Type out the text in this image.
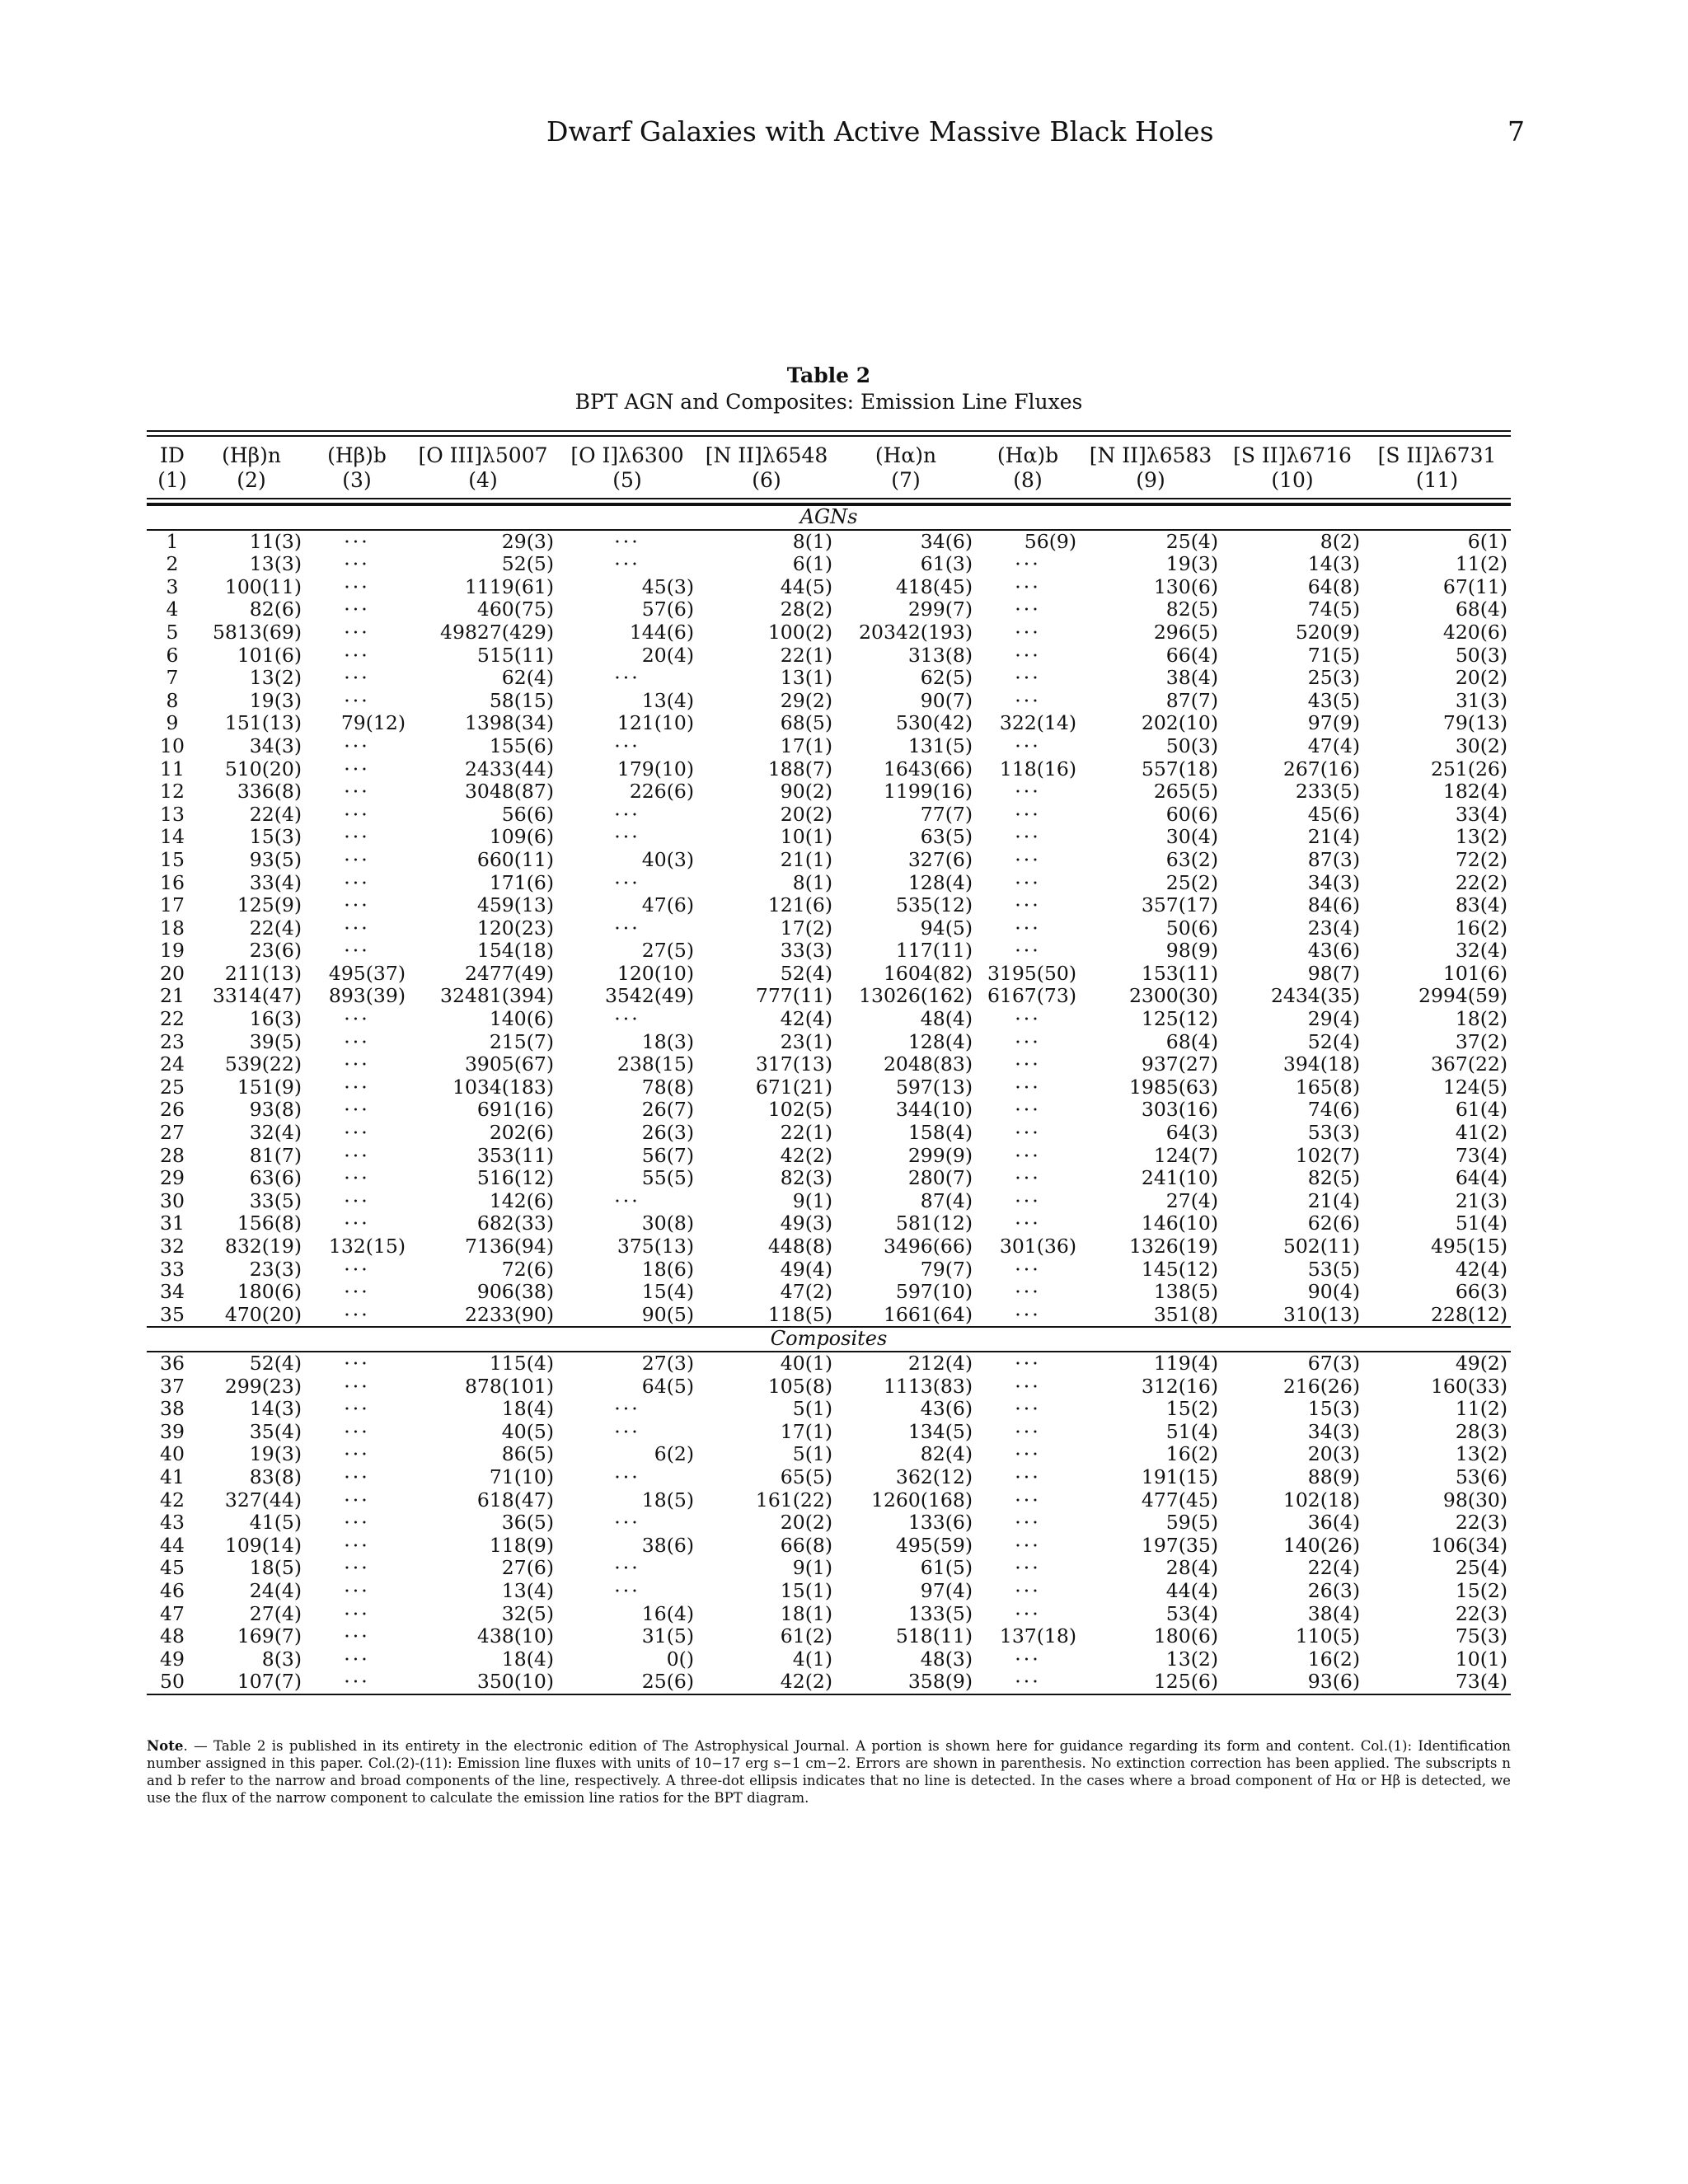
Dwarf Galaxies with Active Massive Black Holes	7
Table 2
BPT AGN and Composites: Emission Line Fluxes
ID	(Hβ)n	(Hβ)b	[O III]λ5007	[O I]λ6300	[N II]λ6548	(Hα)n	(Hα)b	[N II]λ6583	[S II]λ6716	[S II]λ6731
(1)	(2)	(3)	(4)	(5)	(6)	(7)	(8)	(9)	(10)	(11)
AGNs										
1	11(3)	···	29(3)	···	8(1)	34(6)	56(9)	25(4)	8(2)	6(1)
2	13(3)	···	52(5)	···	6(1)	61(3)	···	19(3)	14(3)	11(2)
3	100(11)	···	1119(61)	45(3)	44(5)	418(45)	···	130(6)	64(8)	67(11)
4	82(6)	···	460(75)	57(6)	28(2)	299(7)	···	82(5)	74(5)	68(4)
5	5813(69)	···	49827(429)	144(6)	100(2)	20342(193)	···	296(5)	520(9)	420(6)
6	101(6)	···	515(11)	20(4)	22(1)	313(8)	···	66(4)	71(5)	50(3)
7	13(2)	···	62(4)	···	13(1)	62(5)	···	38(4)	25(3)	20(2)
8	19(3)	···	58(15)	13(4)	29(2)	90(7)	···	87(7)	43(5)	31(3)
9	151(13)	79(12)	1398(34)	121(10)	68(5)	530(42)	322(14)	202(10)	97(9)	79(13)
10	34(3)	···	155(6)	···	17(1)	131(5)	···	50(3)	47(4)	30(2)
11	510(20)	···	2433(44)	179(10)	188(7)	1643(66)	118(16)	557(18)	267(16)	251(26)
12	336(8)	···	3048(87)	226(6)	90(2)	1199(16)	···	265(5)	233(5)	182(4)
13	22(4)	···	56(6)	···	20(2)	77(7)	···	60(6)	45(6)	33(4)
14	15(3)	···	109(6)	···	10(1)	63(5)	···	30(4)	21(4)	13(2)
15	93(5)	···	660(11)	40(3)	21(1)	327(6)	···	63(2)	87(3)	72(2)
16	33(4)	···	171(6)	···	8(1)	128(4)	···	25(2)	34(3)	22(2)
17	125(9)	···	459(13)	47(6)	121(6)	535(12)	···	357(17)	84(6)	83(4)
18	22(4)	···	120(23)	···	17(2)	94(5)	···	50(6)	23(4)	16(2)
19	23(6)	···	154(18)	27(5)	33(3)	117(11)	···	98(9)	43(6)	32(4)
20	211(13)	495(37)	2477(49)	120(10)	52(4)	1604(82)	3195(50)	153(11)	98(7)	101(6)
21	3314(47)	893(39)	32481(394)	3542(49)	777(11)	13026(162)	6167(73)	2300(30)	2434(35)	2994(59)
22	16(3)	···	140(6)	···	42(4)	48(4)	···	125(12)	29(4)	18(2)
23	39(5)	···	215(7)	18(3)	23(1)	128(4)	···	68(4)	52(4)	37(2)
24	539(22)	···	3905(67)	238(15)	317(13)	2048(83)	···	937(27)	394(18)	367(22)
25	151(9)	···	1034(183)	78(8)	671(21)	597(13)	···	1985(63)	165(8)	124(5)
26	93(8)	···	691(16)	26(7)	102(5)	344(10)	···	303(16)	74(6)	61(4)
27	32(4)	···	202(6)	26(3)	22(1)	158(4)	···	64(3)	53(3)	41(2)
28	81(7)	···	353(11)	56(7)	42(2)	299(9)	···	124(7)	102(7)	73(4)
29	63(6)	···	516(12)	55(5)	82(3)	280(7)	···	241(10)	82(5)	64(4)
30	33(5)	···	142(6)	···	9(1)	87(4)	···	27(4)	21(4)	21(3)
31	156(8)	···	682(33)	30(8)	49(3)	581(12)	···	146(10)	62(6)	51(4)
32	832(19)	132(15)	7136(94)	375(13)	448(8)	3496(66)	301(36)	1326(19)	502(11)	495(15)
33	23(3)	···	72(6)	18(6)	49(4)	79(7)	···	145(12)	53(5)	42(4)
34	180(6)	···	906(38)	15(4)	47(2)	597(10)	···	138(5)	90(4)	66(3)
35	470(20)	···	2233(90)	90(5)	118(5)	1661(64)	···	351(8)	310(13)	228(12)
Composites										
36	52(4)	···	115(4)	27(3)	40(1)	212(4)	···	119(4)	67(3)	49(2)
37	299(23)	···	878(101)	64(5)	105(8)	1113(83)	···	312(16)	216(26)	160(33)
38	14(3)	···	18(4)	···	5(1)	43(6)	···	15(2)	15(3)	11(2)
39	35(4)	···	40(5)	···	17(1)	134(5)	···	51(4)	34(3)	28(3)
40	19(3)	···	86(5)	6(2)	5(1)	82(4)	···	16(2)	20(3)	13(2)
41	83(8)	···	71(10)	···	65(5)	362(12)	···	191(15)	88(9)	53(6)
42	327(44)	···	618(47)	18(5)	161(22)	1260(168)	···	477(45)	102(18)	98(30)
43	41(5)	···	36(5)	···	20(2)	133(6)	···	59(5)	36(4)	22(3)
44	109(14)	···	118(9)	38(6)	66(8)	495(59)	···	197(35)	140(26)	106(34)
45	18(5)	···	27(6)	···	9(1)	61(5)	···	28(4)	22(4)	25(4)
46	24(4)	···	13(4)	···	15(1)	97(4)	···	44(4)	26(3)	15(2)
47	27(4)	···	32(5)	16(4)	18(1)	133(5)	···	53(4)	38(4)	22(3)
48	169(7)	···	438(10)	31(5)	61(2)	518(11)	137(18)	180(6)	110(5)	75(3)
49	8(3)	···	18(4)	0()	4(1)	48(3)	···	13(2)	16(2)	10(1)
50	107(7)	···	350(10)	25(6)	42(2)	358(9)	···	125(6)	93(6)	73(4)
Note. — Table 2 is published in its entirety in the electronic edition of The Astrophysical Journal. A portion is shown here for guidance regarding its form and content. Col.(1): Identification number assigned in this paper. Col.(2)-(11): Emission line fluxes with units of 10−17 erg s−1 cm−2. Errors are shown in parenthesis. No extinction correction has been applied. The subscripts n and b refer to the narrow and broad components of the line, respectively. A three-dot ellipsis indicates that no line is detected. In the cases where a broad component of Hα or Hβ is detected, we use the flux of the narrow component to calculate the emission line ratios for the BPT diagram.
